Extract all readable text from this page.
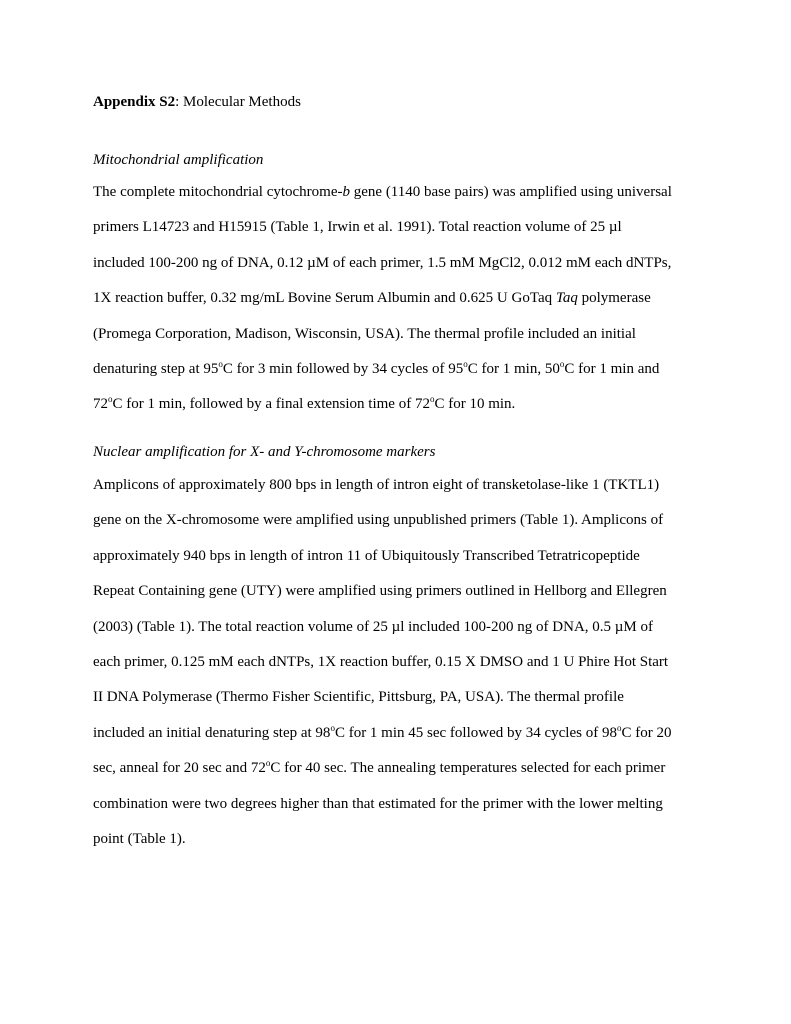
Appendix S2: Molecular Methods
Mitochondrial amplification
The complete mitochondrial cytochrome-b gene (1140 base pairs) was amplified using universal
primers L14723 and H15915 (Table 1, Irwin et al. 1991). Total reaction volume of 25 µl
included 100-200 ng of DNA, 0.12 µM of each primer, 1.5 mM MgCl2, 0.012 mM each dNTPs,
1X reaction buffer, 0.32 mg/mL Bovine Serum Albumin and 0.625 U GoTaq Taq polymerase
(Promega Corporation, Madison, Wisconsin, USA). The thermal profile included an initial
denaturing step at 95$^o$C for 3 min followed by 34 cycles of 95$^o$C for 1 min, 50$^o$C for 1 min and
72$^o$C for 1 min, followed by a final extension time of 72$^o$C for 10 min.
Nuclear amplification for X- and Y-chromosome markers
Amplicons of approximately 800 bps in length of intron eight of transketolase-like 1 (TKTL1)
gene on the X-chromosome were amplified using unpublished primers (Table 1). Amplicons of
approximately 940 bps in length of intron 11 of Ubiquitously Transcribed Tetratricopeptide
Repeat Containing gene (UTY) were amplified using primers outlined in Hellborg and Ellegren
(2003) (Table 1). The total reaction volume of 25 µl included 100-200 ng of DNA, 0.5 µM of
each primer, 0.125 mM each dNTPs, 1X reaction buffer, 0.15 X DMSO and 1 U Phire Hot Start
II DNA Polymerase (Thermo Fisher Scientific, Pittsburg, PA, USA). The thermal profile
included an initial denaturing step at 98$^o$C for 1 min 45 sec followed by 34 cycles of 98$^o$C for 20
sec, anneal for 20 sec and 72$^o$C for 40 sec. The annealing temperatures selected for each primer
combination were two degrees higher than that estimated for the primer with the lower melting
point (Table 1).
